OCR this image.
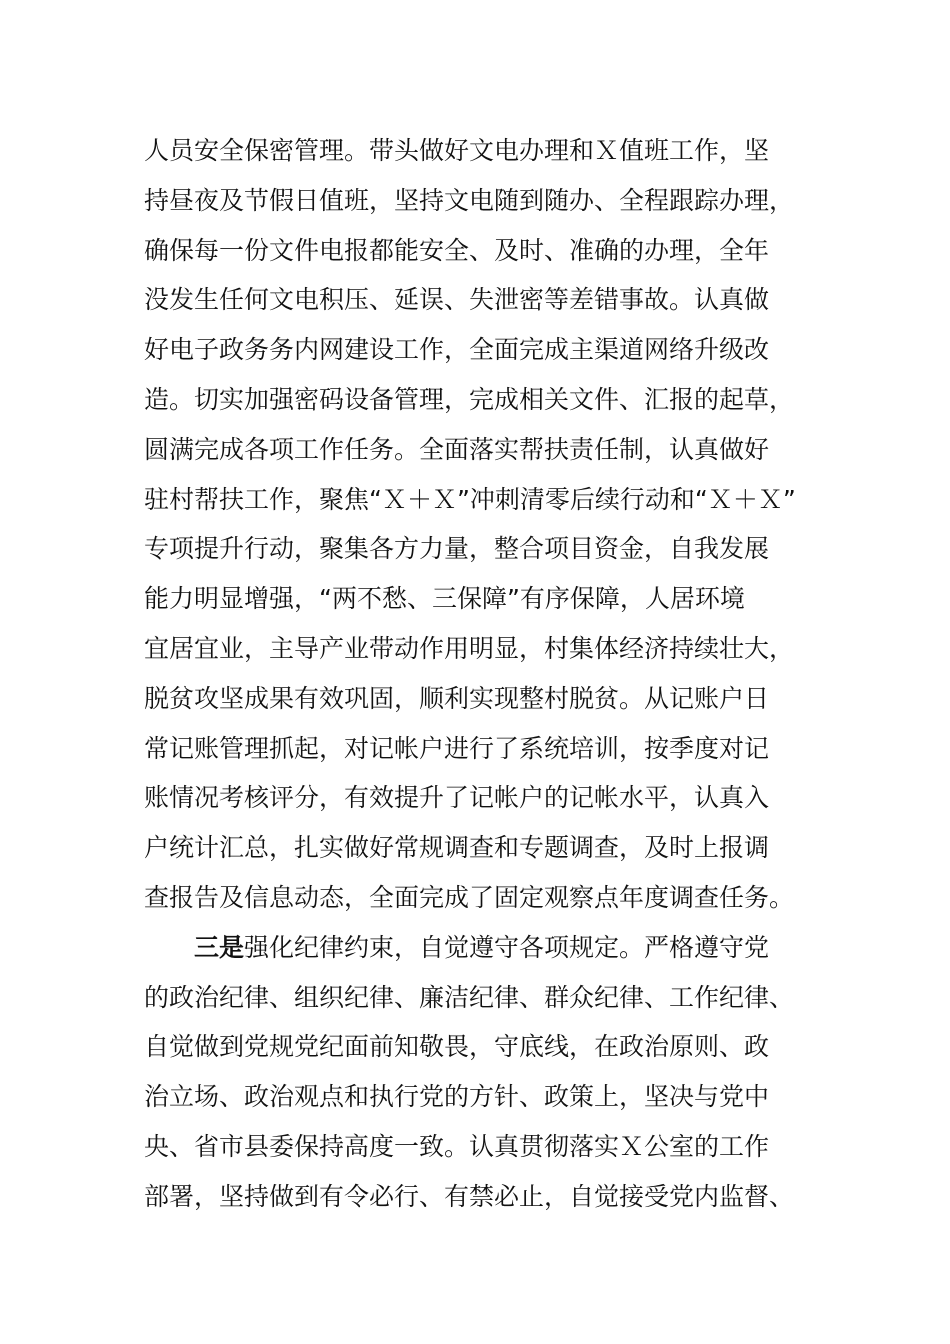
人员安全保密管理。带头做好文电办理和Ｘ值班工作，坚
持昼夜及节假日值班，坚持文电随到随办、全程跟踪办理，
确保每一份文件电报都能安全、及时、准确的办理，全年
没发生任何文电积压、延误、失泄密等差错事故。认真做
好电子政务务内网建设工作，全面完成主渠道网络升级改
造。切实加强密码设备管理，完成相关文件、汇报的起草，
圆满完成各项工作任务。全面落实帮扶责任制，认真做好
驻村帮扶工作，聚焦“Ｘ＋Ｘ”冲刺清零后续行动和“Ｘ＋Ｘ”
专项提升行动，聚集各方力量，整合项目资金，自我发展
能力明显增强，“两不愁、三保障”有序保障，人居环境
宜居宜业，主导产业带动作用明显，村集体经济持续壮大，
脱贫攻坚成果有效巩固，顺利实现整村脱贫。从记账户日
常记账管理抓起，对记帐户进行了系统培训，按季度对记
账情况考核评分，有效提升了记帐户的记帐水平，认真入
户统计汇总，扎实做好常规调查和专题调查，及时上报调
查报告及信息动态，全面完成了固定观察点年度调查任务。
三是强化纪律约束，自觉遵守各项规定。严格遵守党
的政治纪律、组织纪律、廉洁纪律、群众纪律、工作纪律、
自觉做到党规党纪面前知敬畏，守底线，在政治原则、政
治立场、政治观点和执行党的方针、政策上，坚决与党中
央、省市县委保持高度一致。认真贯彻落实Ｘ公室的工作
部署，坚持做到有令必行、有禁必止，自觉接受党内监督、
